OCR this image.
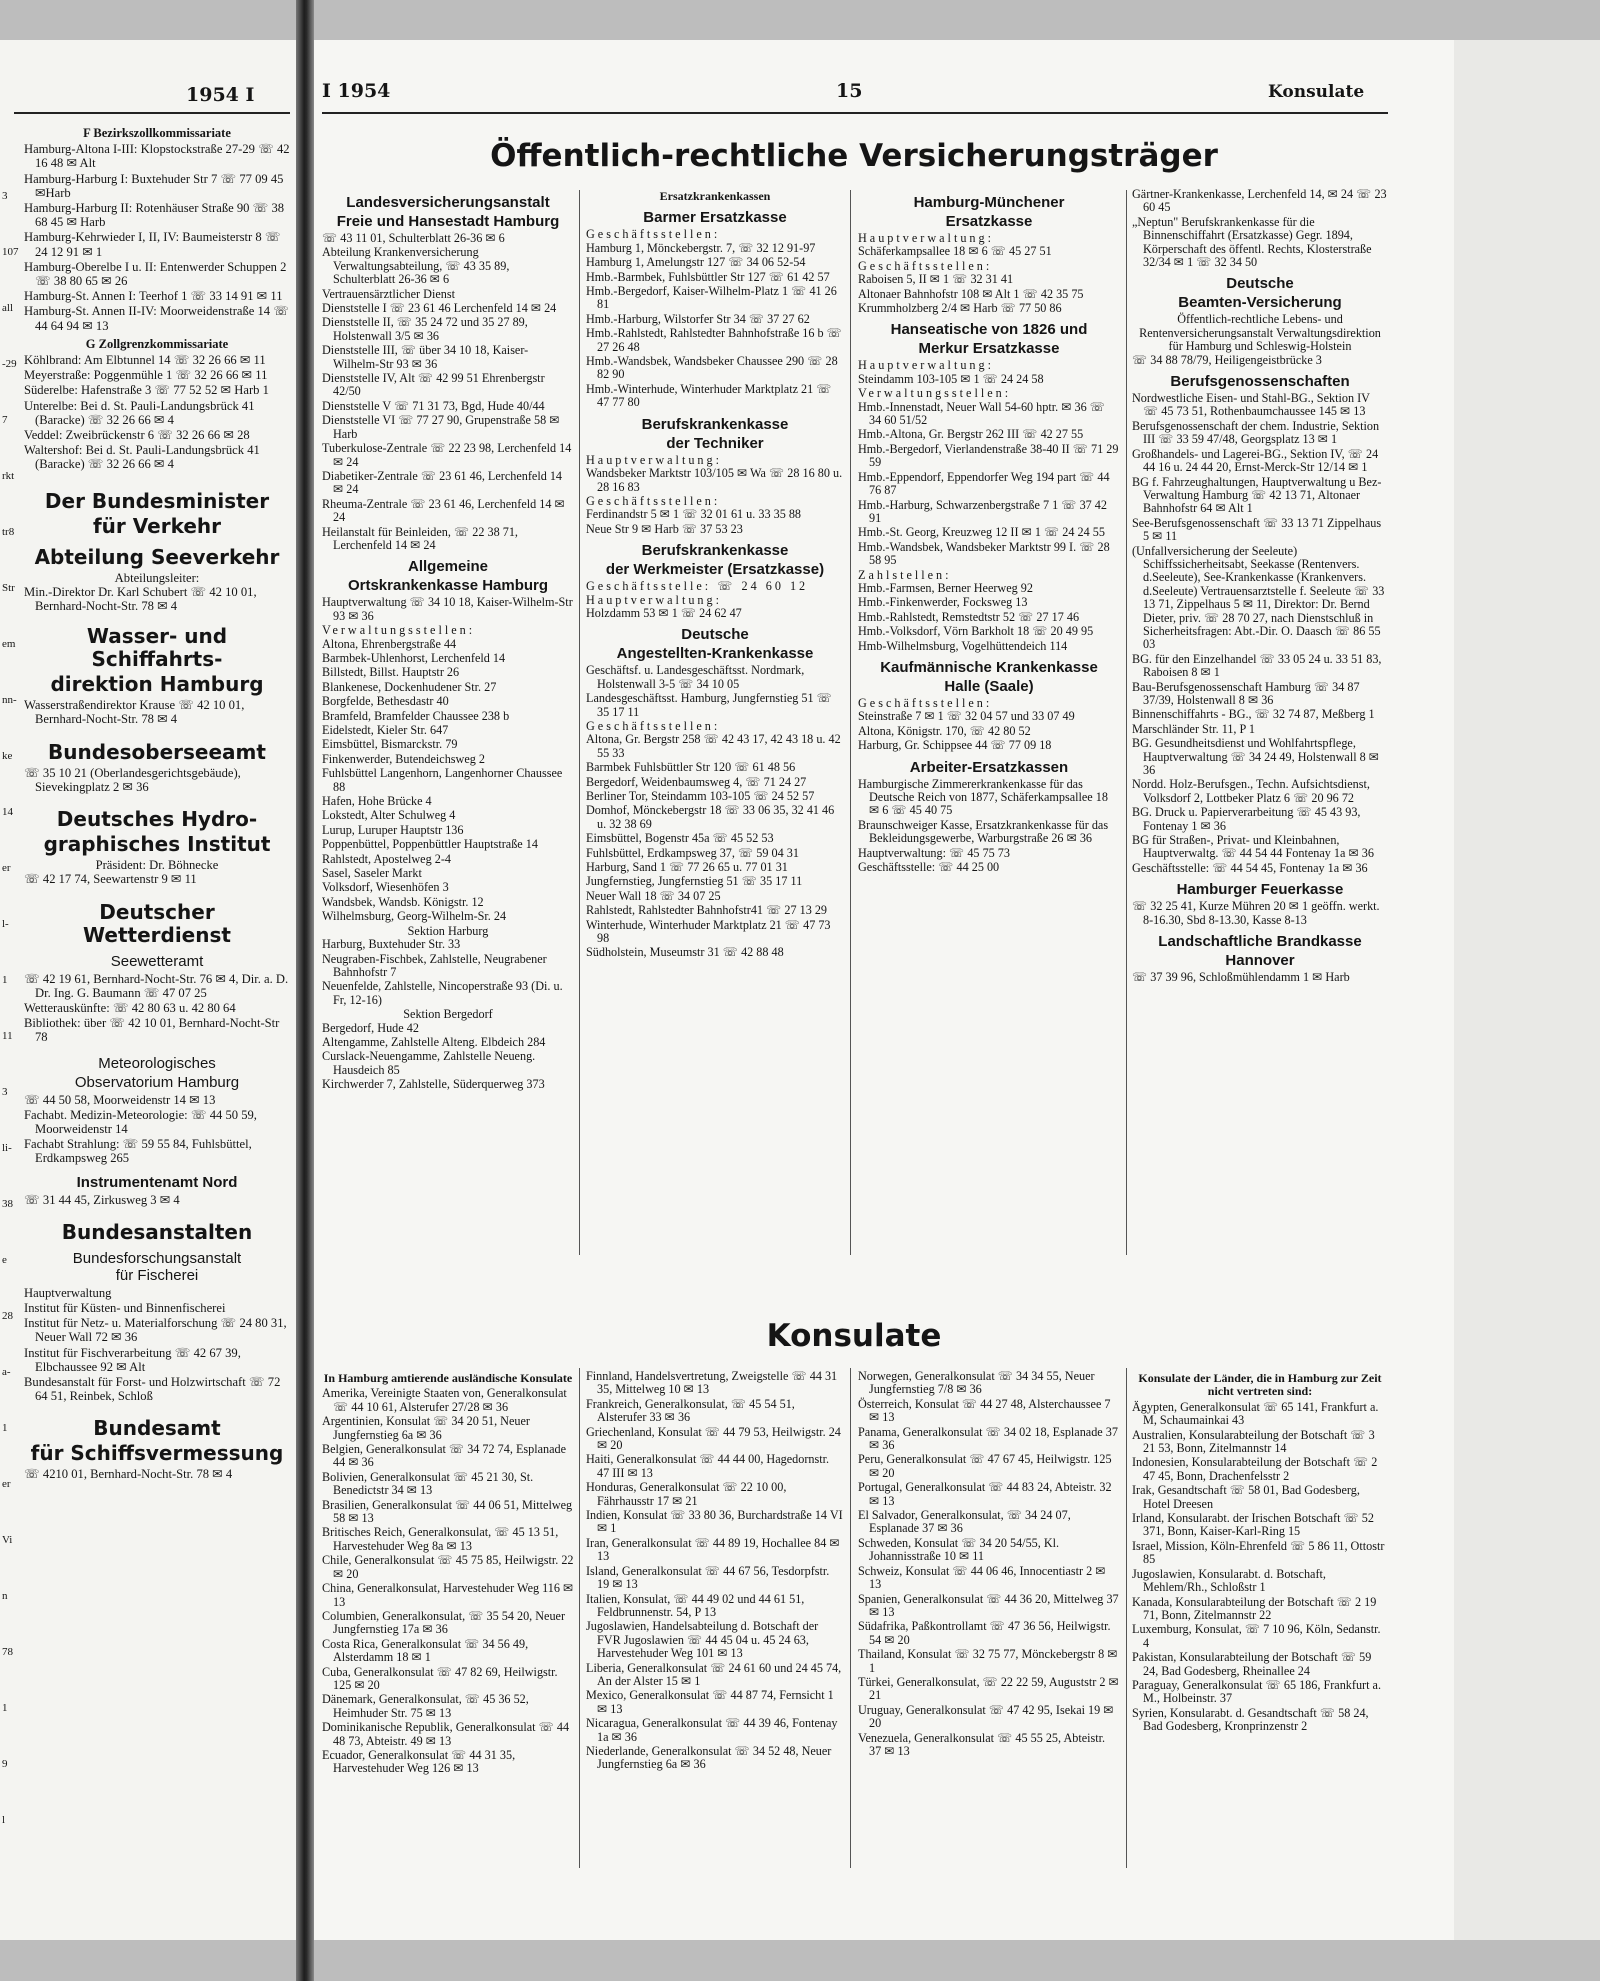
1954 I
3
107
all
-29
7
rkt
tr8
Str
em
nn-
ke
14
er
l-
1
11
3
li-
38
e
28
a-
1
er
Vi
n
78
1
9
l
F Bezirkszollkommissariate

Hamburg-Altona I-III: Klopstockstraße 27-29 ☏ 42 16 48 ✉ Alt

Hamburg-Harburg I: Buxtehuder Str 7 ☏ 77 09 45 ✉Harb

Hamburg-Harburg II: Rotenhäuser Straße 90 ☏ 38 68 45 ✉ Harb

Hamburg-Kehrwieder I, II, IV: Baumeisterstr 8 ☏ 24 12 91 ✉ 1

Hamburg-Oberelbe I u. II: Entenwerder Schuppen 2 ☏ 38 80 65 ✉ 26

Hamburg-St. Annen I: Teerhof 1 ☏ 33 14 91 ✉ 11

Hamburg-St. Annen II-IV: Moorweidenstraße 14 ☏ 44 64 94 ✉ 13

G Zollgrenzkommissariate

Köhlbrand: Am Elbtunnel 14 ☏ 32 26 66 ✉ 11

Meyerstraße: Poggenmühle 1 ☏ 32 26 66 ✉ 11

Süderelbe: Hafenstraße 3 ☏ 77 52 52 ✉ Harb 1

Unterelbe: Bei d. St. Pauli-Landungsbrück 41 (Baracke) ☏ 32 26 66 ✉ 4

Veddel: Zweibrückenstr 6 ☏ 32 26 66 ✉ 28

Waltershof: Bei d. St. Pauli-Landungsbrück 41 (Baracke) ☏ 32 26 66 ✉ 4

Der Bundesminister
für Verkehr
Abteilung Seeverkehr
Abteilungsleiter:

Min.-Direktor Dr. Karl Schubert ☏ 42 10 01, Bernhard-Nocht-Str. 78 ✉ 4

Wasser- und Schiffahrts-
direktion Hamburg

Wasserstraßendirektor Krause ☏ 42 10 01, Bernhard-Nocht-Str. 78 ✉ 4

Bundesoberseeamt

☏ 35 10 21 (Oberlandesgerichtsgebäude), Sievekingplatz 2 ✉ 36

Deutsches Hydro-
graphisches Institut
Präsident: Dr. Böhnecke

☏ 42 17 74, Seewartenstr 9 ✉ 11

Deutscher Wetterdienst
Seewetteramt

☏ 42 19 61, Bernhard-Nocht-Str. 76 ✉ 4, Dir. a. D. Dr. Ing. G. Baumann ☏ 47 07 25

Wetterauskünfte: ☏ 42 80 63 u. 42 80 64

Bibliothek: über ☏ 42 10 01, Bernhard-Nocht-Str 78

Meteorologisches
Observatorium Hamburg

☏ 44 50 58, Moorweidenstr 14 ✉ 13

Fachabt. Medizin-Meteorologie: ☏ 44 50 59, Moorweidenstr 14

Fachabt Strahlung: ☏ 59 55 84, Fuhlsbüttel, Erdkampsweg 265

Instrumentenamt Nord

☏ 31 44 45, Zirkusweg 3 ✉ 4

Bundesanstalten
Bundesforschungsanstalt
für Fischerei

Hauptverwaltung

Institut für Küsten- und Binnenfischerei

Institut für Netz- u. Materialforschung ☏ 24 80 31, Neuer Wall 72 ✉ 36

Institut für Fischverarbeitung ☏ 42 67 39, Elbchaussee 92 ✉ Alt

Bundesanstalt für Forst- und Holzwirtschaft ☏ 72 64 51, Reinbek, Schloß

Bundesamt
für Schiffsvermessung

☏ 4210 01, Bernhard-Nocht-Str. 78 ✉ 4

I 1954	15	Konsulate
Öffentlich-rechtliche Versicherungsträger
Landesversicherungsanstalt
Freie und Hansestadt Hamburg

☏ 43 11 01, Schulterblatt 26-36 ✉ 6

Abteilung Krankenversicherung Verwaltungsabteilung, ☏ 43 35 89, Schulterblatt 26-36 ✉ 6

Vertrauensärztlicher Dienst

Dienststelle I ☏ 23 61 46 Lerchenfeld 14 ✉ 24

Dienststelle II, ☏ 35 24 72 und 35 27 89, Holstenwall 3/5 ✉ 36

Dienststelle III, ☏ über 34 10 18, Kaiser-Wilhelm-Str 93 ✉ 36

Dienststelle IV, Alt ☏ 42 99 51 Ehrenbergstr 42/50

Dienststelle V ☏ 71 31 73, Bgd, Hude 40/44

Dienststelle VI ☏ 77 27 90, Grupenstraße 58 ✉ Harb

Tuberkulose-Zentrale ☏ 22 23 98, Lerchenfeld 14 ✉ 24

Diabetiker-Zentrale ☏ 23 61 46, Lerchenfeld 14 ✉ 24

Rheuma-Zentrale ☏ 23 61 46, Lerchenfeld 14 ✉ 24

Heilanstalt für Beinleiden, ☏ 22 38 71, Lerchenfeld 14 ✉ 24

Allgemeine
Ortskrankenkasse Hamburg

Hauptverwaltung ☏ 34 10 18, Kaiser-Wilhelm-Str 93 ✉ 36

Verwaltungsstellen:

Altona, Ehrenbergstraße 44

Barmbek-Uhlenhorst, Lerchenfeld 14

Billstedt, Billst. Hauptstr 26

Blankenese, Dockenhudener Str. 27

Borgfelde, Bethesdastr 40

Bramfeld, Bramfelder Chaussee 238 b

Eidelstedt, Kieler Str. 647

Eimsbüttel, Bismarckstr. 79

Finkenwerder, Butendeichsweg 2

Fuhlsbüttel Langenhorn, Langenhorner Chaussee 88

Hafen, Hohe Brücke 4

Lokstedt, Alter Schulweg 4

Lurup, Luruper Hauptstr 136

Poppenbüttel, Poppenbüttler Hauptstraße 14

Rahlstedt, Apostelweg 2-4

Sasel, Saseler Markt

Volksdorf, Wiesenhöfen 3

Wandsbek, Wandsb. Königstr. 12

Wilhelmsburg, Georg-Wilhelm-Sr. 24

Sektion Harburg

Harburg, Buxtehuder Str. 33

Neugraben-Fischbek, Zahlstelle, Neugrabener Bahnhofstr 7

Neuenfelde, Zahlstelle, Nincoperstraße 93 (Di. u. Fr, 12-16)

Sektion Bergedorf

Bergedorf, Hude 42

Altengamme, Zahlstelle Alteng. Elbdeich 284

Curslack-Neuengamme, Zahlstelle Neueng. Hausdeich 85

Kirchwerder 7, Zahlstelle, Süderquerweg 373

Ersatzkrankenkassen
Barmer Ersatzkasse
Geschäftsstellen:

Hamburg 1, Mönckebergstr. 7, ☏ 32 12 91-97

Hamburg 1, Amelungstr 127 ☏ 34 06 52-54

Hmb.-Barmbek, Fuhlsbüttler Str 127 ☏ 61 42 57

Hmb.-Bergedorf, Kaiser-Wilhelm-Platz 1 ☏ 41 26 81

Hmb.-Harburg, Wilstorfer Str 34 ☏ 37 27 62

Hmb.-Rahlstedt, Rahlstedter Bahnhofstraße 16 b ☏ 27 26 48

Hmb.-Wandsbek, Wandsbeker Chaussee 290 ☏ 28 82 90

Hmb.-Winterhude, Winterhuder Marktplatz 21 ☏ 47 77 80

Berufskrankenkasse
der Techniker
Hauptverwaltung:

Wandsbeker Marktstr 103/105 ✉ Wa ☏ 28 16 80 u. 28 16 83

Geschäftsstellen:

Ferdinandstr 5 ✉ 1 ☏ 32 01 61 u. 33 35 88

Neue Str 9 ✉ Harb ☏ 37 53 23

Berufskrankenkasse
der Werkmeister (Ersatzkasse)
Geschäftsstelle: ☏ 24 60 12
Hauptverwaltung:

Holzdamm 53 ✉ 1 ☏ 24 62 47

Deutsche
Angestellten-Krankenkasse

Geschäftsf. u. Landesgeschäftsst. Nordmark, Holstenwall 3-5 ☏ 34 10 05

Landesgeschäftsst. Hamburg, Jungfernstieg 51 ☏ 35 17 11

Geschäftsstellen:

Altona, Gr. Bergstr 258 ☏ 42 43 17, 42 43 18 u. 42 55 33

Barmbek Fuhlsbüttler Str 120 ☏ 61 48 56

Bergedorf, Weidenbaumsweg 4, ☏ 71 24 27

Berliner Tor, Steindamm 103-105 ☏ 24 52 57

Domhof, Mönckebergstr 18 ☏ 33 06 35, 32 41 46 u. 32 38 69

Eimsbüttel, Bogenstr 45a ☏ 45 52 53

Fuhlsbüttel, Erdkampsweg 37, ☏ 59 04 31

Harburg, Sand 1 ☏ 77 26 65 u. 77 01 31

Jungfernstieg, Jungfernstieg 51 ☏ 35 17 11

Neuer Wall 18 ☏ 34 07 25

Rahlstedt, Rahlstedter Bahnhofstr41 ☏ 27 13 29

Winterhude, Winterhuder Marktplatz 21 ☏ 47 73 98

Südholstein, Museumstr 31 ☏ 42 88 48

Hamburg-Münchener
Ersatzkasse
Hauptverwaltung:

Schäferkampsallee 18 ✉ 6 ☏ 45 27 51

Geschäftsstellen:

Raboisen 5, II ✉ 1 ☏ 32 31 41

Altonaer Bahnhofstr 108 ✉ Alt 1 ☏ 42 35 75

Krummholzberg 2/4 ✉ Harb ☏ 77 50 86

Hanseatische von 1826 und
Merkur Ersatzkasse
Hauptverwaltung:

Steindamm 103-105 ✉ 1 ☏ 24 24 58

Verwaltungsstellen:

Hmb.-Innenstadt, Neuer Wall 54-60 hptr. ✉ 36 ☏ 34 60 51/52

Hmb.-Altona, Gr. Bergstr 262 III ☏ 42 27 55

Hmb.-Bergedorf, Vierlandenstraße 38-40 II ☏ 71 29 59

Hmb.-Eppendorf, Eppendorfer Weg 194 part ☏ 44 76 87

Hmb.-Harburg, Schwarzenbergstraße 7 1 ☏ 37 42 91

Hmb.-St. Georg, Kreuzweg 12 II ✉ 1 ☏ 24 24 55

Hmb.-Wandsbek, Wandsbeker Marktstr 99 I. ☏ 28 58 95

Zahlstellen:

Hmb.-Farmsen, Berner Heerweg 92

Hmb.-Finkenwerder, Focksweg 13

Hmb.-Rahlstedt, Remstedtstr 52 ☏ 27 17 46

Hmb.-Volksdorf, Vörn Barkholt 18 ☏ 20 49 95

Hmb-Wilhelmsburg, Vogelhüttendeich 114

Kaufmännische Krankenkasse
Halle (Saale)
Geschäftsstellen:

Steinstraße 7 ✉ 1 ☏ 32 04 57 und 33 07 49

Altona, Königstr. 170, ☏ 42 80 52

Harburg, Gr. Schippsee 44 ☏ 77 09 18

Arbeiter-Ersatzkassen

Hamburgische Zimmererkrankenkasse für das Deutsche Reich von 1877, Schäferkampsallee 18 ✉ 6 ☏ 45 40 75

Braunschweiger Kasse, Ersatzkrankenkasse für das Bekleidungsgewerbe, Warburgstraße 26 ✉ 36

Hauptverwaltung: ☏ 45 75 73

Geschäftsstelle: ☏ 44 25 00

Gärtner-Krankenkasse, Lerchenfeld 14, ✉ 24 ☏ 23 60 45

„Neptun" Berufskrankenkasse für die Binnenschiffahrt (Ersatzkasse) Gegr. 1894, Körperschaft des öffentl. Rechts, Klosterstraße 32/34 ✉ 1 ☏ 32 34 50

Deutsche
Beamten-Versicherung
Öffentlich-rechtliche Lebens- und Rentenversicherungsanstalt Verwaltungsdirektion für Hamburg und Schleswig-Holstein

☏ 34 88 78/79, Heiligengeistbrücke 3

Berufsgenossenschaften

Nordwestliche Eisen- und Stahl-BG., Sektion IV ☏ 45 73 51, Rothenbaumchaussee 145 ✉ 13

Berufsgenossenschaft der chem. Industrie, Sektion III ☏ 33 59 47/48, Georgsplatz 13 ✉ 1

Großhandels- und Lagerei-BG., Sektion IV, ☏ 24 44 16 u. 24 44 20, Ernst-Merck-Str 12/14 ✉ 1

BG f. Fahrzeughaltungen, Hauptverwaltung u Bez-Verwaltung Hamburg ☏ 42 13 71, Altonaer Bahnhofstr 64 ✉ Alt 1

See-Berufsgenossenschaft ☏ 33 13 71 Zippelhaus 5 ✉ 11

(Unfallversicherung der Seeleute) Schiffssicherheitsabt, Seekasse (Rentenvers. d.Seeleute), See-Krankenkasse (Krankenvers. d.Seeleute) Vertrauensarztstelle f. Seeleute ☏ 33 13 71, Zippelhaus 5 ✉ 11, Direktor: Dr. Bernd Dieter, priv. ☏ 28 70 27, nach Dienstschluß in Sicherheitsfragen: Abt.-Dir. O. Daasch ☏ 86 55 03

BG. für den Einzelhandel ☏ 33 05 24 u. 33 51 83, Raboisen 8 ✉ 1

Bau-Berufsgenossenschaft Hamburg ☏ 34 87 37/39, Holstenwall 8 ✉ 36

Binnenschiffahrts - BG., ☏ 32 74 87, Meßberg 1

Marschländer Str. 11, P 1

BG. Gesundheitsdienst und Wohlfahrtspflege, Hauptverwaltung ☏ 34 24 49, Holstenwall 8 ✉ 36

Nordd. Holz-Berufsgen., Techn. Aufsichtsdienst, Volksdorf 2, Lottbeker Platz 6 ☏ 20 96 72

BG. Druck u. Papierverarbeitung ☏ 45 43 93, Fontenay 1 ✉ 36

BG für Straßen-, Privat- und Kleinbahnen, Hauptverwaltg. ☏ 44 54 44 Fontenay 1a ✉ 36

Geschäftsstelle: ☏ 44 54 45, Fontenay 1a ✉ 36

Hamburger Feuerkasse

☏ 32 25 41, Kurze Mühren 20 ✉ 1 geöffn. werkt. 8-16.30, Sbd 8-13.30, Kasse 8-13

Landschaftliche Brandkasse
Hannover

☏ 37 39 96, Schloßmühlendamm 1 ✉ Harb

Konsulate
In Hamburg amtierende ausländische Konsulate

Amerika, Vereinigte Staaten von, Generalkonsulat ☏ 44 10 61, Alsterufer 27/28 ✉ 36

Argentinien, Konsulat ☏ 34 20 51, Neuer Jungfernstieg 6a ✉ 36

Belgien, Generalkonsulat ☏ 34 72 74, Esplanade 44 ✉ 36

Bolivien, Generalkonsulat ☏ 45 21 30, St. Benedictstr 34 ✉ 13

Brasilien, Generalkonsulat ☏ 44 06 51, Mittelweg 58 ✉ 13

Britisches Reich, Generalkonsulat, ☏ 45 13 51, Harvestehuder Weg 8a ✉ 13

Chile, Generalkonsulat ☏ 45 75 85, Heilwigstr. 22 ✉ 20

China, Generalkonsulat, Harvestehuder Weg 116 ✉ 13

Columbien, Generalkonsulat, ☏ 35 54 20, Neuer Jungfernstieg 17a ✉ 36

Costa Rica, Generalkonsulat ☏ 34 56 49, Alsterdamm 18 ✉ 1

Cuba, Generalkonsulat ☏ 47 82 69, Heilwigstr. 125 ✉ 20

Dänemark, Generalkonsulat, ☏ 45 36 52, Heimhuder Str. 75 ✉ 13

Dominikanische Republik, Generalkonsulat ☏ 44 48 73, Abteistr. 49 ✉ 13

Ecuador, Generalkonsulat ☏ 44 31 35, Harvestehuder Weg 126 ✉ 13

Finnland, Handelsvertretung, Zweigstelle ☏ 44 31 35, Mittelweg 10 ✉ 13

Frankreich, Generalkonsulat, ☏ 45 54 51, Alsterufer 33 ✉ 36

Griechenland, Konsulat ☏ 44 79 53, Heilwigstr. 24 ✉ 20

Haiti, Generalkonsulat ☏ 44 44 00, Hagedornstr. 47 III ✉ 13

Honduras, Generalkonsulat ☏ 22 10 00, Fährhausstr 17 ✉ 21

Indien, Konsulat ☏ 33 80 36, Burchardstraße 14 VI ✉ 1

Iran, Generalkonsulat ☏ 44 89 19, Hochallee 84 ✉ 13

Island, Generalkonsulat ☏ 44 67 56, Tesdorpfstr. 19 ✉ 13

Italien, Konsulat, ☏ 44 49 02 und 44 61 51, Feldbrunnenstr. 54, P 13

Jugoslawien, Handelsabteilung d. Botschaft der FVR Jugoslawien ☏ 44 45 04 u. 45 24 63, Harvestehuder Weg 101 ✉ 13

Liberia, Generalkonsulat ☏ 24 61 60 und 24 45 74, An der Alster 15 ✉ 1

Mexico, Generalkonsulat ☏ 44 87 74, Fernsicht 1 ✉ 13

Nicaragua, Generalkonsulat ☏ 44 39 46, Fontenay 1a ✉ 36

Niederlande, Generalkonsulat ☏ 34 52 48, Neuer Jungfernstieg 6a ✉ 36

Norwegen, Generalkonsulat ☏ 34 34 55, Neuer Jungfernstieg 7/8 ✉ 36

Österreich, Konsulat ☏ 44 27 48, Alsterchaussee 7 ✉ 13

Panama, Generalkonsulat ☏ 34 02 18, Esplanade 37 ✉ 36

Peru, Generalkonsulat ☏ 47 67 45, Heilwigstr. 125 ✉ 20

Portugal, Generalkonsulat ☏ 44 83 24, Abteistr. 32 ✉ 13

El Salvador, Generalkonsulat, ☏ 34 24 07, Esplanade 37 ✉ 36

Schweden, Konsulat ☏ 34 20 54/55, Kl. Johannisstraße 10 ✉ 11

Schweiz, Konsulat ☏ 44 06 46, Innocentiastr 2 ✉ 13

Spanien, Generalkonsulat ☏ 44 36 20, Mittelweg 37 ✉ 13

Südafrika, Paßkontrollamt ☏ 47 36 56, Heilwigstr. 54 ✉ 20

Thailand, Konsulat ☏ 32 75 77, Mönckebergstr 8 ✉ 1

Türkei, Generalkonsulat, ☏ 22 22 59, Auguststr 2 ✉ 21

Uruguay, Generalkonsulat ☏ 47 42 95, Isekai 19 ✉ 20

Venezuela, Generalkonsulat ☏ 45 55 25, Abteistr. 37 ✉ 13

Konsulate der Länder, die in Hamburg zur Zeit nicht vertreten sind:

Ägypten, Generalkonsulat ☏ 65 141, Frankfurt a. M, Schaumainkai 43

Australien, Konsularabteilung der Botschaft ☏ 3 21 53, Bonn, Zitelmannstr 14

Indonesien, Konsularabteilung der Botschaft ☏ 2 47 45, Bonn, Drachenfelsstr 2

Irak, Gesandtschaft ☏ 58 01, Bad Godesberg, Hotel Dreesen

Irland, Konsularabt. der Irischen Botschaft ☏ 52 371, Bonn, Kaiser-Karl-Ring 15

Israel, Mission, Köln-Ehrenfeld ☏ 5 86 11, Ottostr 85

Jugoslawien, Konsularabt. d. Botschaft, Mehlem/Rh., Schloßstr 1

Kanada, Konsularabteilung der Botschaft ☏ 2 19 71, Bonn, Zitelmannstr 22

Luxemburg, Konsulat, ☏ 7 10 96, Köln, Sedanstr. 4

Pakistan, Konsularabteilung der Botschaft ☏ 59 24, Bad Godesberg, Rheinallee 24

Paraguay, Generalkonsulat ☏ 65 186, Frankfurt a. M., Holbeinstr. 37

Syrien, Konsularabt. d. Gesandtschaft ☏ 58 24, Bad Godesberg, Kronprinzenstr 2
